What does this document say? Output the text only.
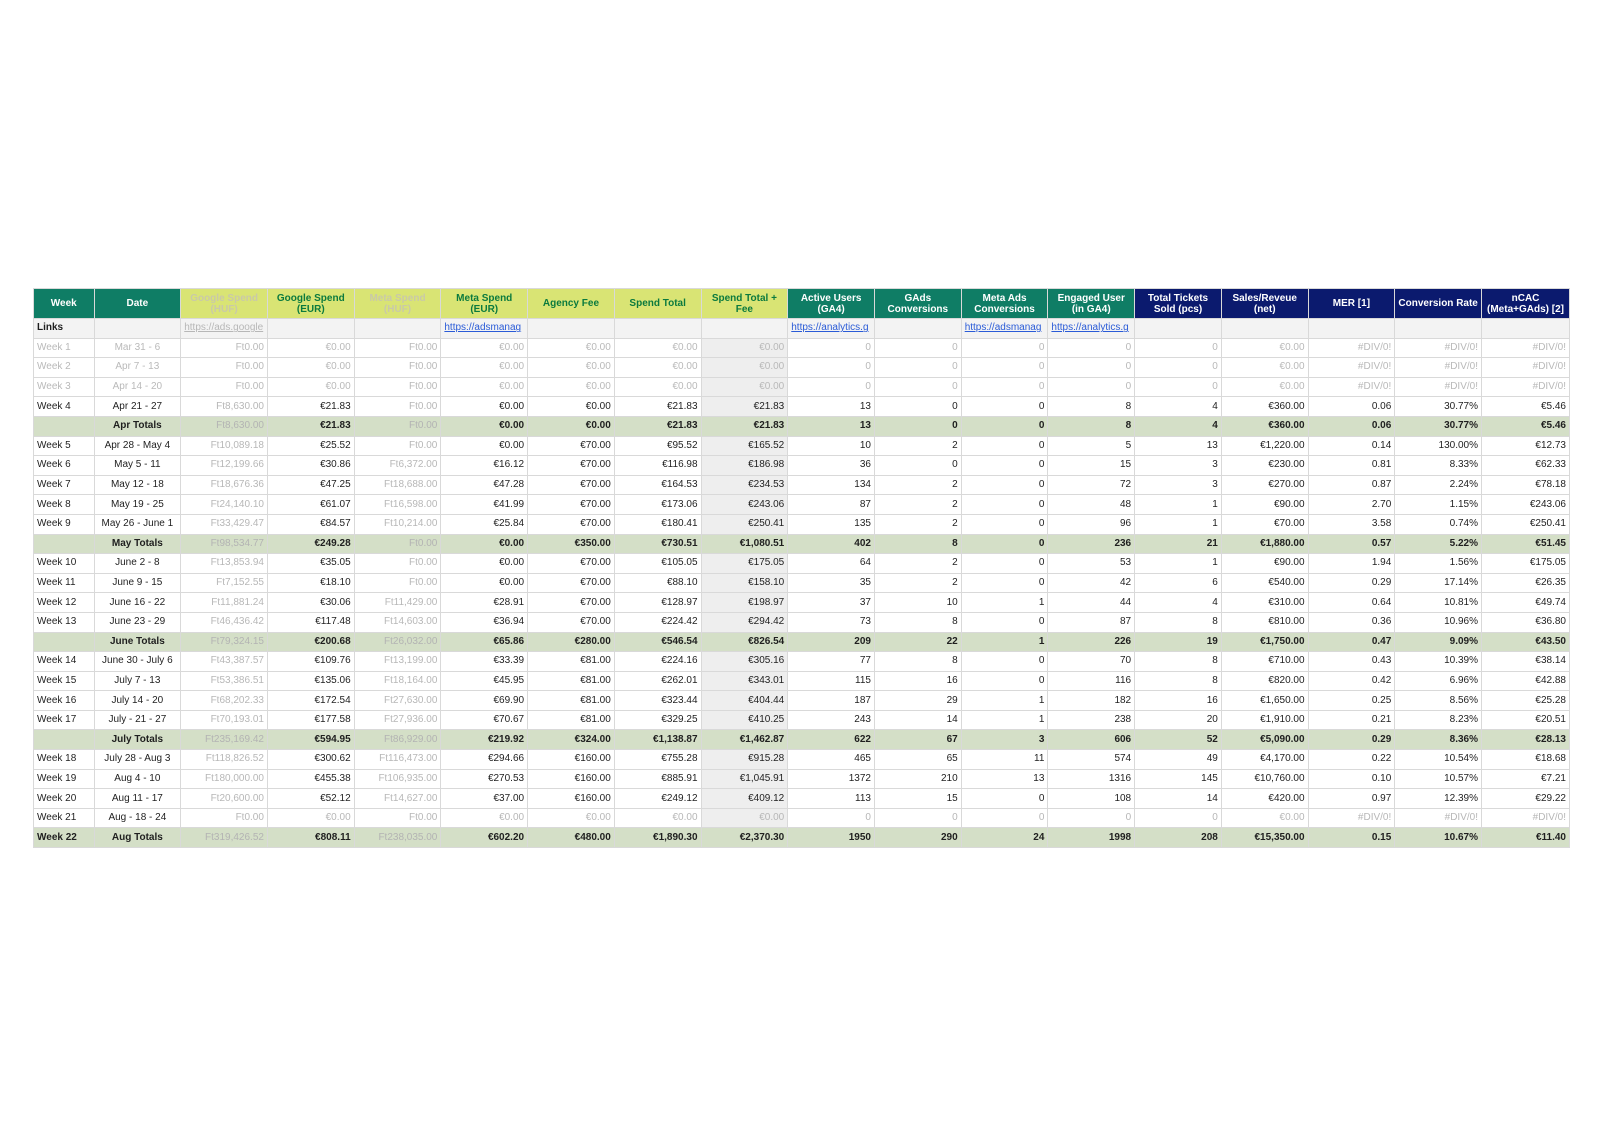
Week	Date	Google Spend (HUF)	Google Spend (EUR)	Meta Spend (HUF)	Meta Spend (EUR)	Agency Fee	Spend Total	Spend Total + Fee	Active Users (GA4)	GAds Conversions	Meta Ads Conversions	Engaged User (in GA4)	Total Tickets Sold (pcs)	Sales/Reveue (net)	MER [1]	Conversion Rate	nCAC (Meta+GAds) [2]
Links		https://ads.google			https://adsmanag				https://analytics.g		https://adsmanag	https://analytics.g					
Week 1	Mar 31 - 6	Ft0.00	€0.00	Ft0.00	€0.00	€0.00	€0.00	€0.00	0	0	0	0	0	€0.00	#DIV/0!	#DIV/0!	#DIV/0!
Week 2	Apr 7 - 13	Ft0.00	€0.00	Ft0.00	€0.00	€0.00	€0.00	€0.00	0	0	0	0	0	€0.00	#DIV/0!	#DIV/0!	#DIV/0!
Week 3	Apr 14 - 20	Ft0.00	€0.00	Ft0.00	€0.00	€0.00	€0.00	€0.00	0	0	0	0	0	€0.00	#DIV/0!	#DIV/0!	#DIV/0!
Week 4	Apr 21 - 27	Ft8,630.00	€21.83	Ft0.00	€0.00	€0.00	€21.83	€21.83	13	0	0	8	4	€360.00	0.06	30.77%	€5.46
	Apr Totals	Ft8,630.00	€21.83	Ft0.00	€0.00	€0.00	€21.83	€21.83	13	0	0	8	4	€360.00	0.06	30.77%	€5.46
Week 5	Apr 28 - May 4	Ft10,089.18	€25.52	Ft0.00	€0.00	€70.00	€95.52	€165.52	10	2	0	5	13	€1,220.00	0.14	130.00%	€12.73
Week 6	May 5 - 11	Ft12,199.66	€30.86	Ft6,372.00	€16.12	€70.00	€116.98	€186.98	36	0	0	15	3	€230.00	0.81	8.33%	€62.33
Week 7	May 12 - 18	Ft18,676.36	€47.25	Ft18,688.00	€47.28	€70.00	€164.53	€234.53	134	2	0	72	3	€270.00	0.87	2.24%	€78.18
Week 8	May 19 - 25	Ft24,140.10	€61.07	Ft16,598.00	€41.99	€70.00	€173.06	€243.06	87	2	0	48	1	€90.00	2.70	1.15%	€243.06
Week 9	May 26 - June 1	Ft33,429.47	€84.57	Ft10,214.00	€25.84	€70.00	€180.41	€250.41	135	2	0	96	1	€70.00	3.58	0.74%	€250.41
	May Totals	Ft98,534.77	€249.28	Ft0.00	€0.00	€350.00	€730.51	€1,080.51	402	8	0	236	21	€1,880.00	0.57	5.22%	€51.45
Week 10	June 2 - 8	Ft13,853.94	€35.05	Ft0.00	€0.00	€70.00	€105.05	€175.05	64	2	0	53	1	€90.00	1.94	1.56%	€175.05
Week 11	June 9 - 15	Ft7,152.55	€18.10	Ft0.00	€0.00	€70.00	€88.10	€158.10	35	2	0	42	6	€540.00	0.29	17.14%	€26.35
Week 12	June 16 - 22	Ft11,881.24	€30.06	Ft11,429.00	€28.91	€70.00	€128.97	€198.97	37	10	1	44	4	€310.00	0.64	10.81%	€49.74
Week 13	June 23 - 29	Ft46,436.42	€117.48	Ft14,603.00	€36.94	€70.00	€224.42	€294.42	73	8	0	87	8	€810.00	0.36	10.96%	€36.80
	June Totals	Ft79,324.15	€200.68	Ft26,032.00	€65.86	€280.00	€546.54	€826.54	209	22	1	226	19	€1,750.00	0.47	9.09%	€43.50
Week 14	June 30 - July 6	Ft43,387.57	€109.76	Ft13,199.00	€33.39	€81.00	€224.16	€305.16	77	8	0	70	8	€710.00	0.43	10.39%	€38.14
Week 15	July 7 - 13	Ft53,386.51	€135.06	Ft18,164.00	€45.95	€81.00	€262.01	€343.01	115	16	0	116	8	€820.00	0.42	6.96%	€42.88
Week 16	July 14 - 20	Ft68,202.33	€172.54	Ft27,630.00	€69.90	€81.00	€323.44	€404.44	187	29	1	182	16	€1,650.00	0.25	8.56%	€25.28
Week 17	July - 21 - 27	Ft70,193.01	€177.58	Ft27,936.00	€70.67	€81.00	€329.25	€410.25	243	14	1	238	20	€1,910.00	0.21	8.23%	€20.51
	July Totals	Ft235,169.42	€594.95	Ft86,929.00	€219.92	€324.00	€1,138.87	€1,462.87	622	67	3	606	52	€5,090.00	0.29	8.36%	€28.13
Week 18	July 28 - Aug 3	Ft118,826.52	€300.62	Ft116,473.00	€294.66	€160.00	€755.28	€915.28	465	65	11	574	49	€4,170.00	0.22	10.54%	€18.68
Week 19	Aug 4 - 10	Ft180,000.00	€455.38	Ft106,935.00	€270.53	€160.00	€885.91	€1,045.91	1372	210	13	1316	145	€10,760.00	0.10	10.57%	€7.21
Week 20	Aug 11 - 17	Ft20,600.00	€52.12	Ft14,627.00	€37.00	€160.00	€249.12	€409.12	113	15	0	108	14	€420.00	0.97	12.39%	€29.22
Week 21	Aug - 18 - 24	Ft0.00	€0.00	Ft0.00	€0.00	€0.00	€0.00	€0.00	0	0	0	0	0	€0.00	#DIV/0!	#DIV/0!	#DIV/0!
Week 22	Aug Totals	Ft319,426.52	€808.11	Ft238,035.00	€602.20	€480.00	€1,890.30	€2,370.30	1950	290	24	1998	208	€15,350.00	0.15	10.67%	€11.40
